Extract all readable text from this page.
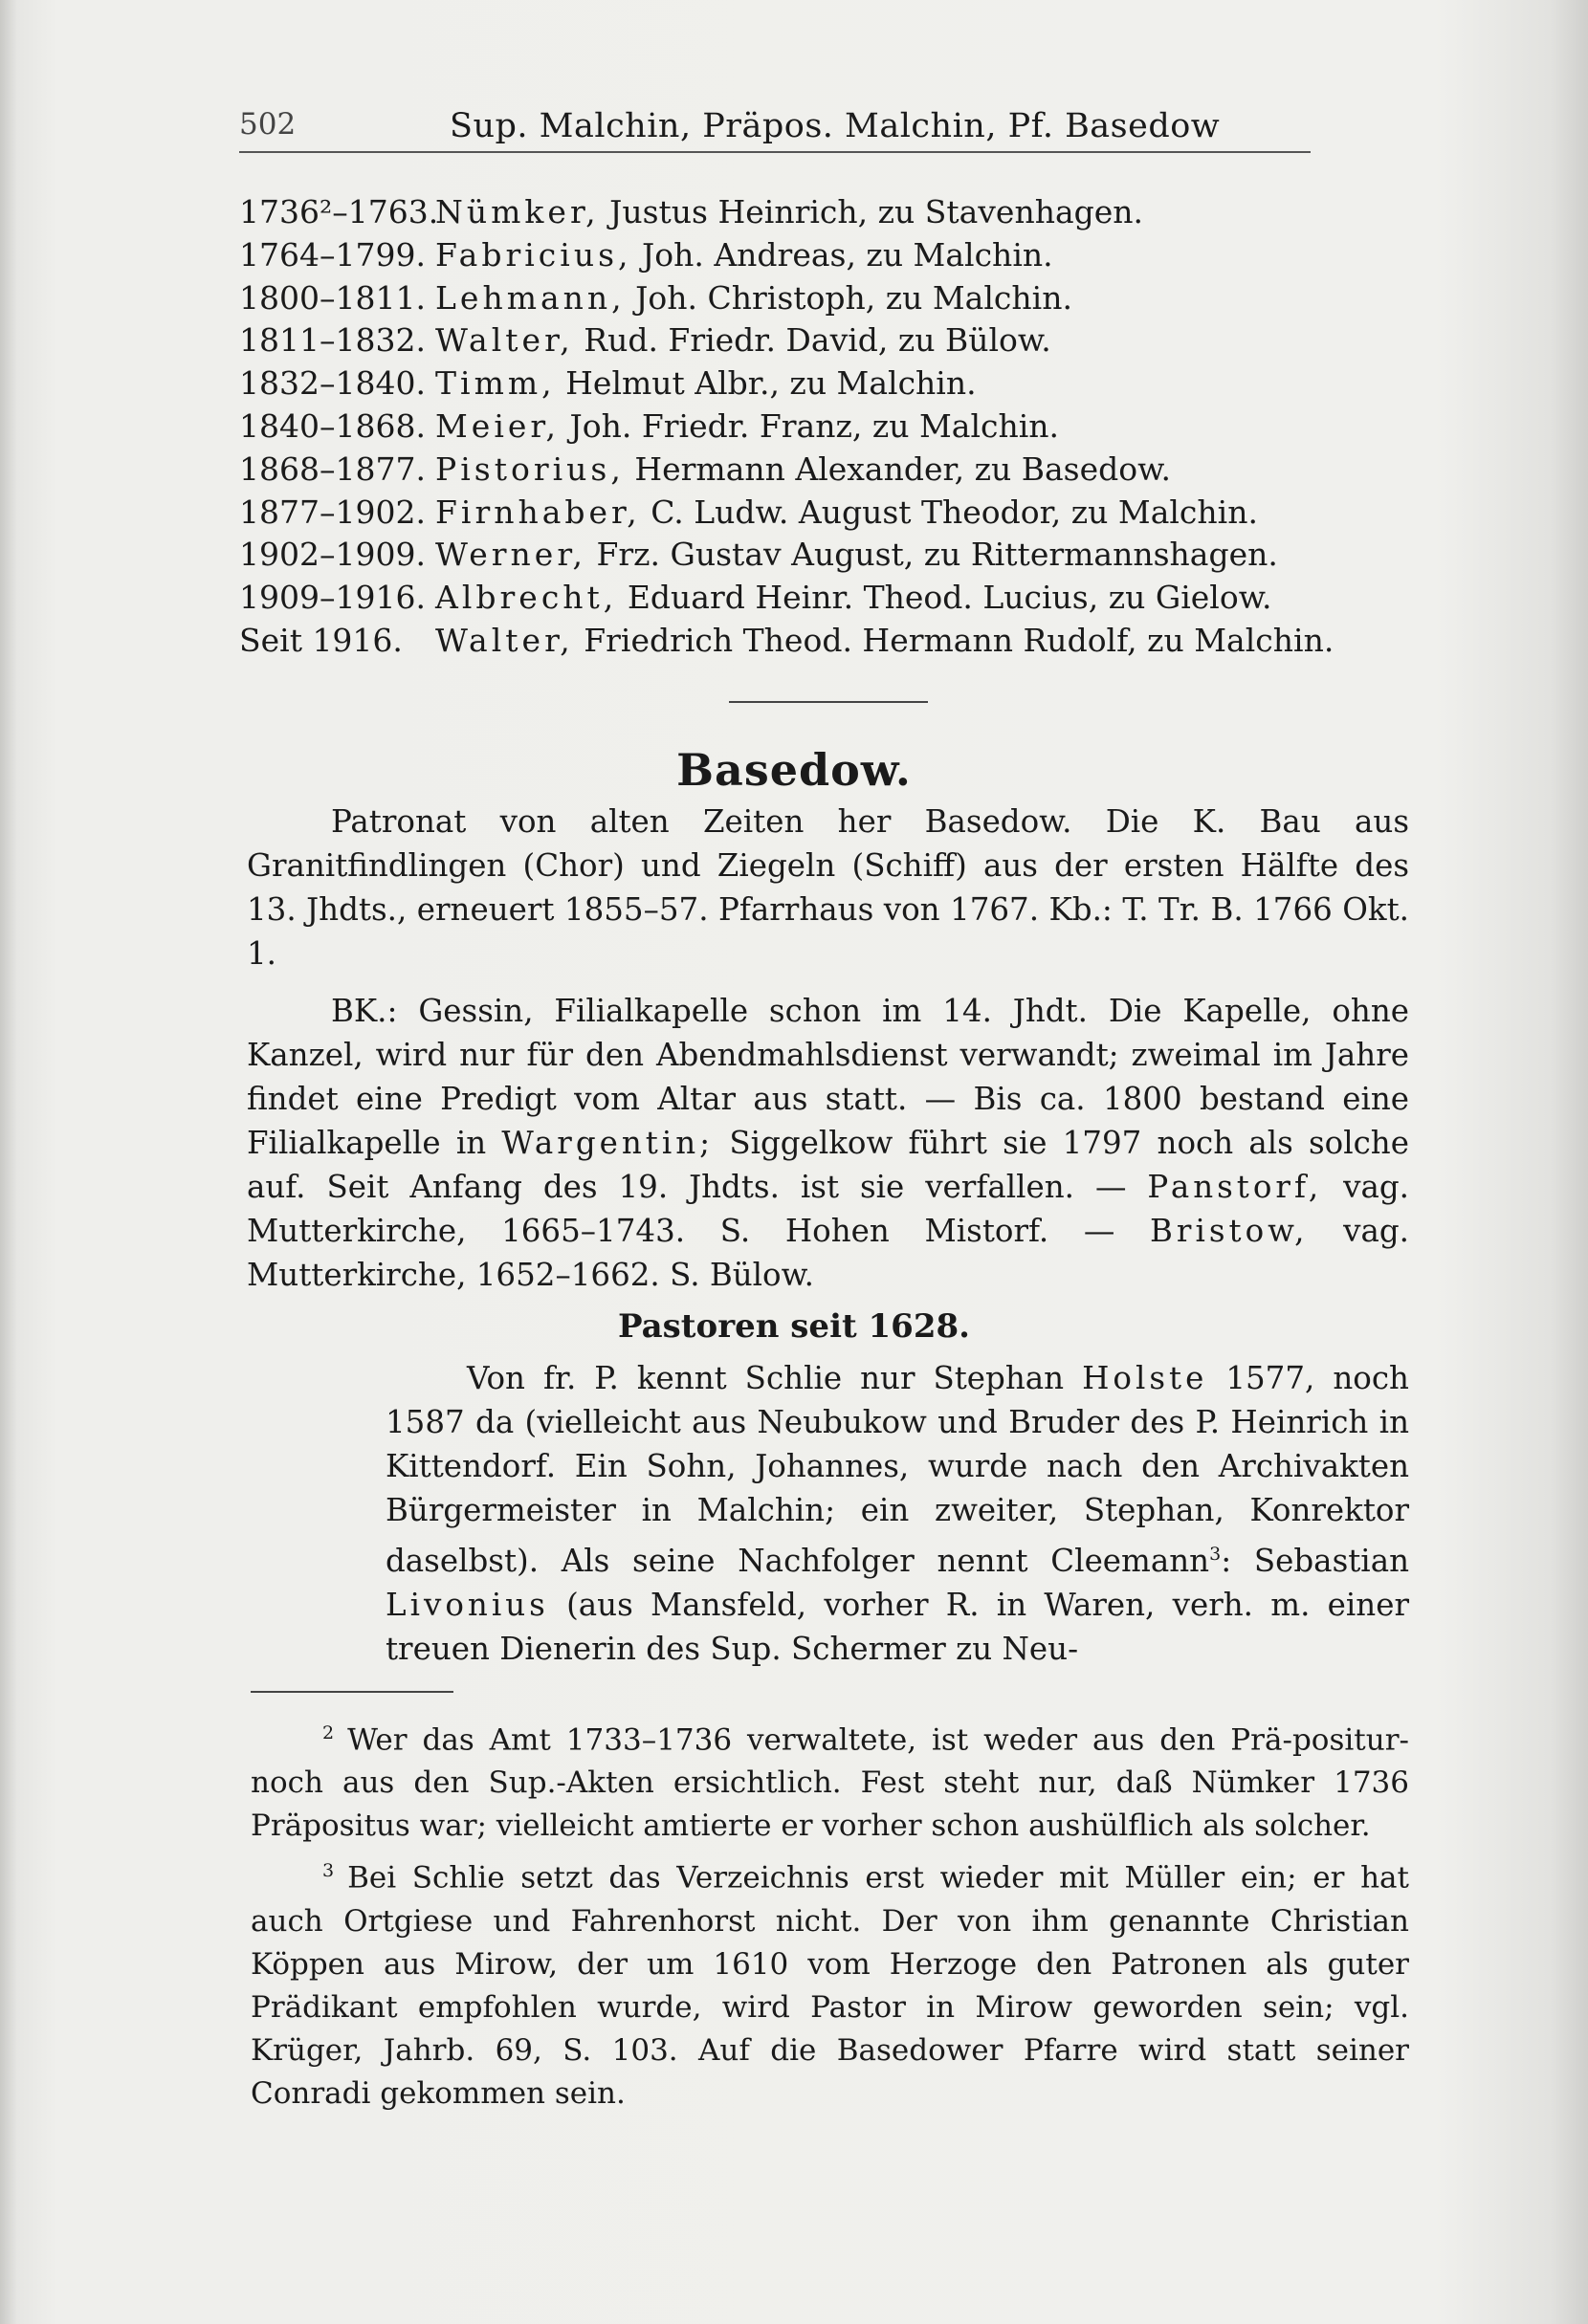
502	Sup. Malchin, Präpos. Malchin, Pf. Basedow
1736²–1763.Nümker, Justus Heinrich, zu Stavenhagen.
1764–1799. Fabricius, Joh. Andreas, zu Malchin.
1800–1811. Lehmann, Joh. Christoph, zu Malchin.
1811–1832. Walter, Rud. Friedr. David, zu Bülow.
1832–1840. Timm, Helmut Albr., zu Malchin.
1840–1868. Meier, Joh. Friedr. Franz, zu Malchin.
1868–1877. Pistorius, Hermann Alexander, zu Basedow.
1877–1902. Firnhaber, C. Ludw. August Theodor, zu Malchin.
1902–1909. Werner, Frz. Gustav August, zu Rittermannshagen.
1909–1916. Albrecht, Eduard Heinr. Theod. Lucius, zu Gielow.
Seit 1916. Walter, Friedrich Theod. Hermann Rudolf, zu Malchin.
Basedow.

Patronat von alten Zeiten her Basedow. Die K. Bau aus Granitfindlingen (Chor) und Ziegeln (Schiff) aus der ersten Hälfte des 13. Jhdts., erneuert 1855–57. Pfarrhaus von 1767. Kb.: T. Tr. B. 1766 Okt. 1.

BK.: Gessin, Filialkapelle schon im 14. Jhdt. Die Kapelle, ohne Kanzel, wird nur für den Abendmahlsdienst verwandt; zweimal im Jahre findet eine Predigt vom Altar aus statt. — Bis ca. 1800 bestand eine Filialkapelle in Wargentin; Siggelkow führt sie 1797 noch als solche auf. Seit Anfang des 19. Jhdts. ist sie verfallen. — Panstorf, vag. Mutterkirche, 1665–1743. S. Hohen Mistorf. — Bristow, vag. Mutterkirche, 1652–1662. S. Bülow.

Pastoren seit 1628.

Von fr. P. kennt Schlie nur Stephan Holste 1577, noch 1587 da (vielleicht aus Neubukow und Bruder des P. Heinrich in Kittendorf. Ein Sohn, Johannes, wurde nach den Archivakten Bürgermeister in Malchin; ein zweiter, Stephan, Konrektor daselbst). Als seine Nachfolger nennt Cleemann$^3$: Sebastian Livonius (aus Mansfeld, vorher R. in Waren, verh. m. einer treuen Dienerin des Sup. Schermer zu Neu-

$^2$ Wer das Amt 1733–1736 verwaltete, ist weder aus den Prä-positur- noch aus den Sup.-Akten ersichtlich. Fest steht nur, daß Nümker 1736 Präpositus war; vielleicht amtierte er vorher schon aushülflich als solcher.

$^3$ Bei Schlie setzt das Verzeichnis erst wieder mit Müller ein; er hat auch Ortgiese und Fahrenhorst nicht. Der von ihm genannte Christian Köppen aus Mirow, der um 1610 vom Herzoge den Patronen als guter Prädikant empfohlen wurde, wird Pastor in Mirow geworden sein; vgl. Krüger, Jahrb. 69, S. 103. Auf die Basedower Pfarre wird statt seiner Conradi gekommen sein.
